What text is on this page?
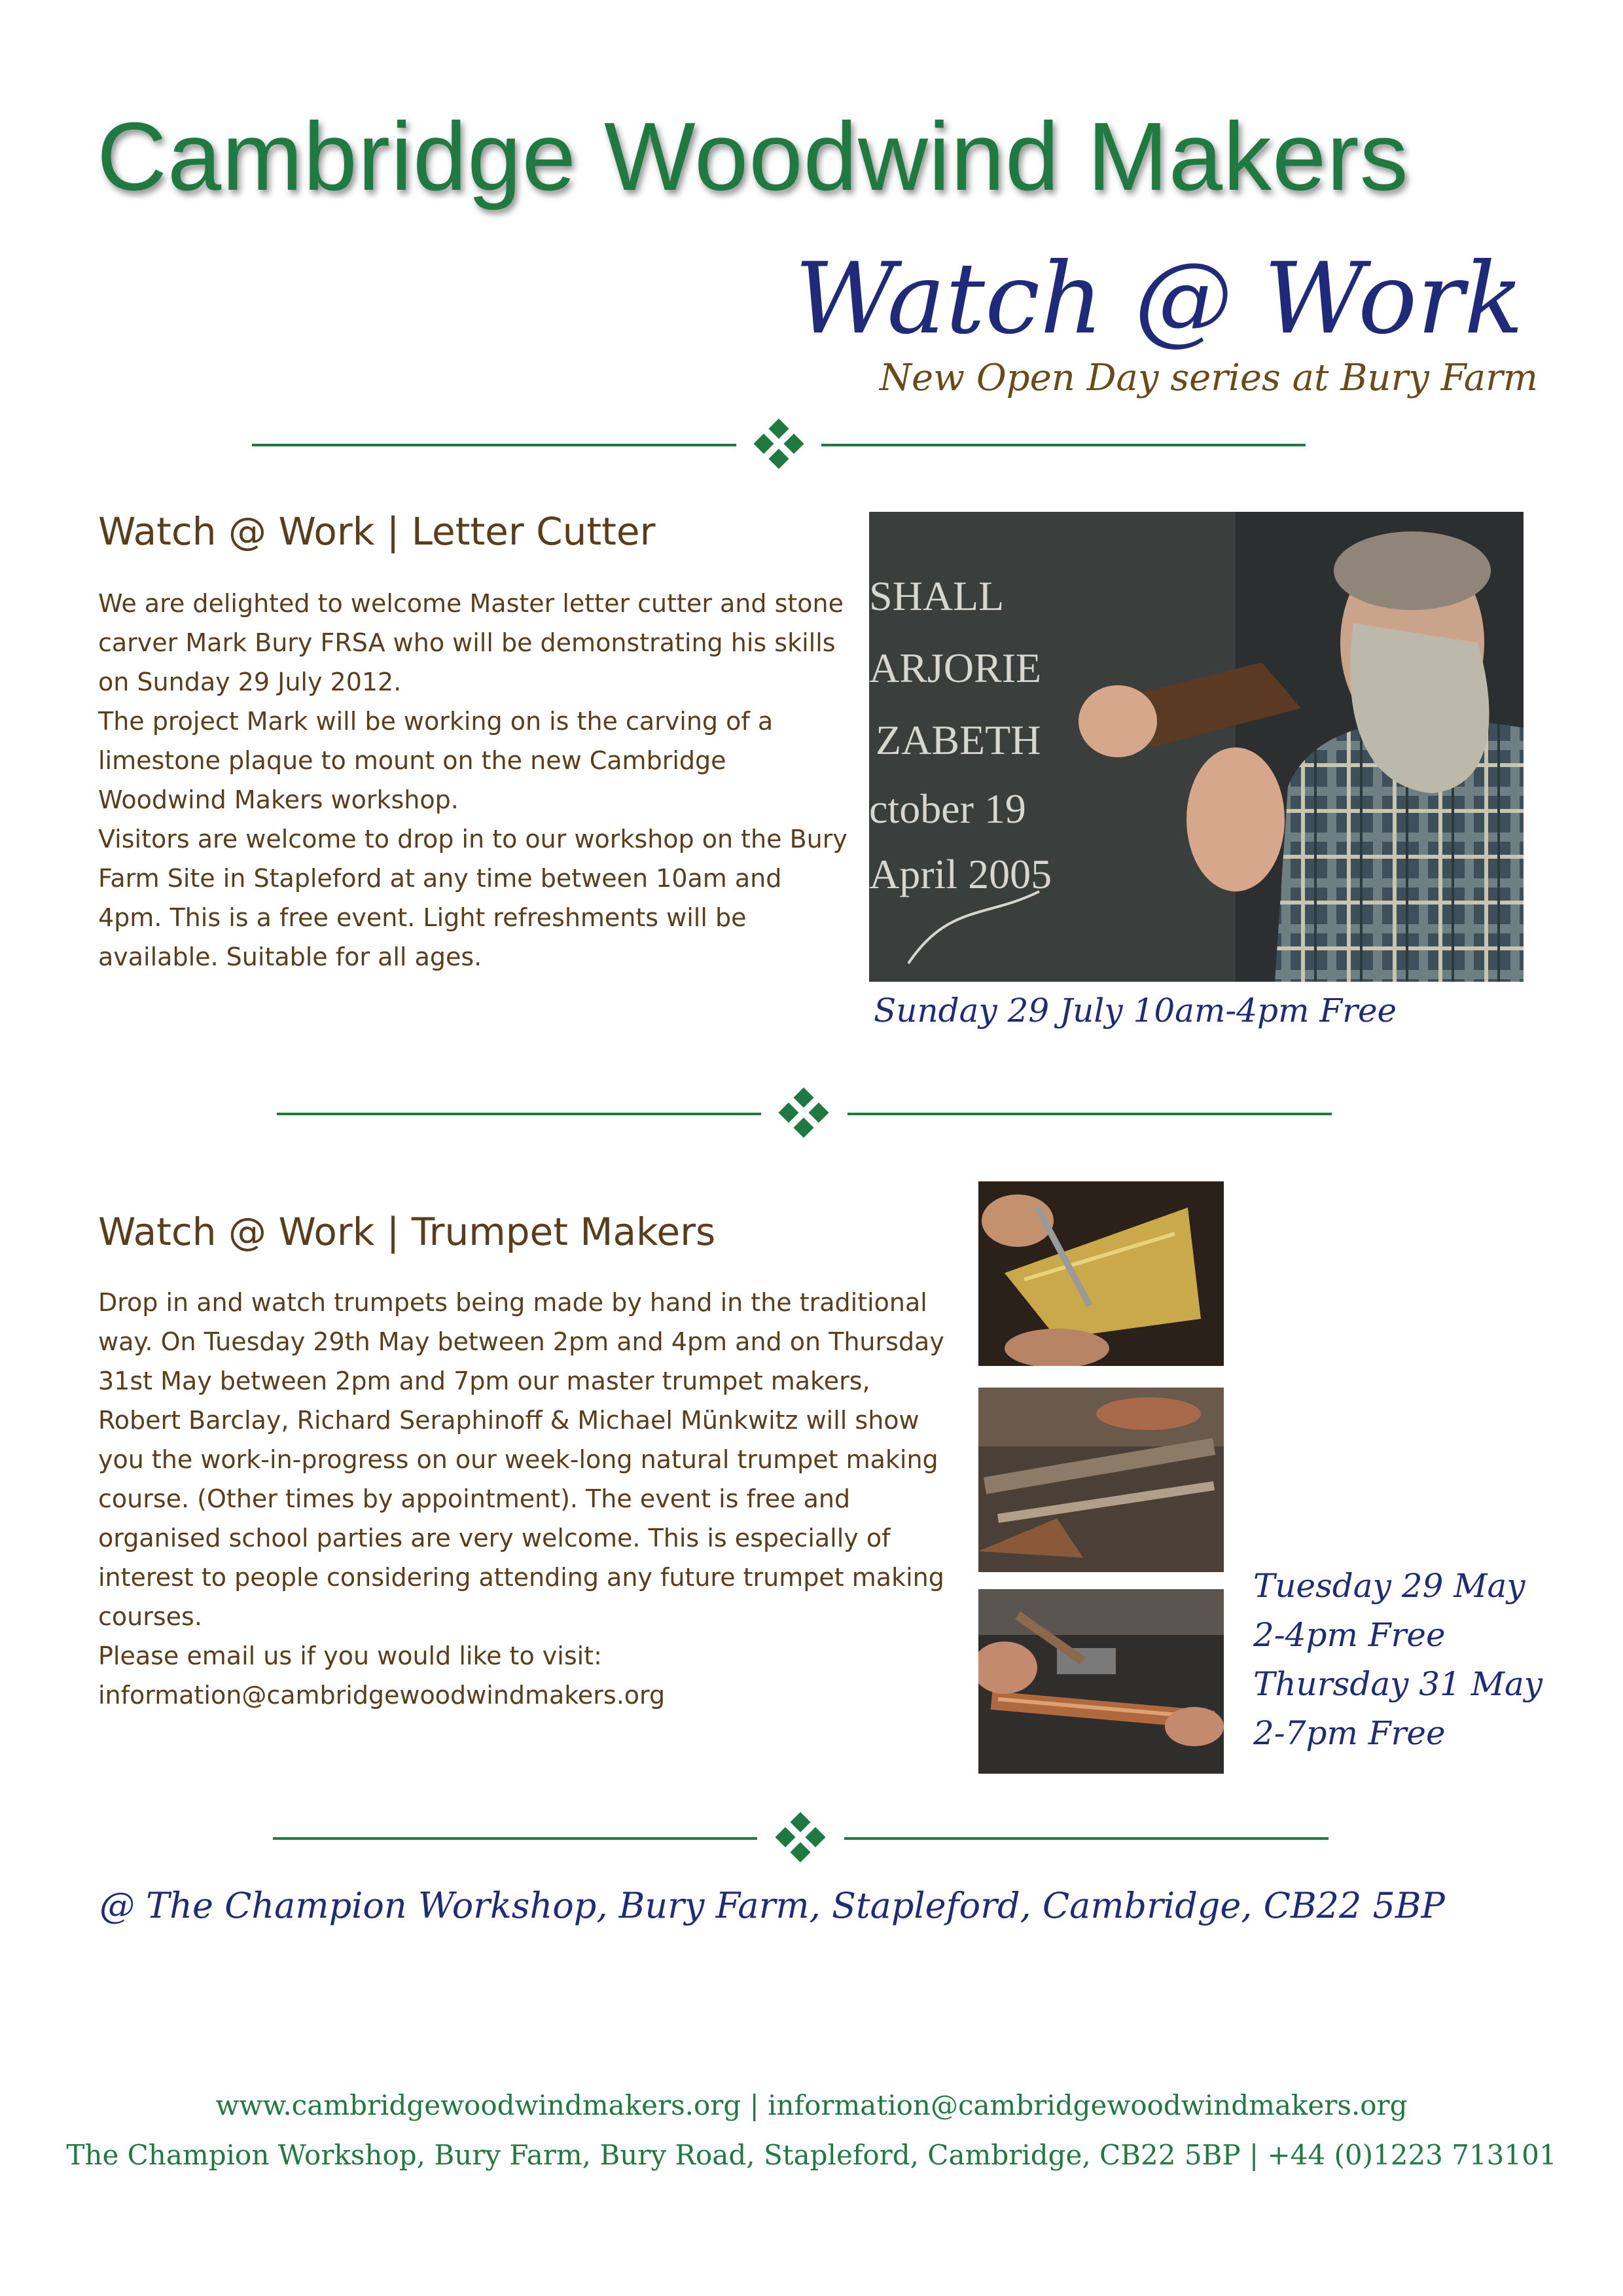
Cambridge Woodwind Makers
Watch @ Work
New Open Day series at Bury Farm
Watch @ Work | Letter Cutter

We are delighted to welcome Master letter cutter and stone carver Mark Bury FRSA who will be demonstrating his skills on Sunday 29 July 2012.

The project Mark will be working on is the carving of a limestone plaque to mount on the new Cambridge Woodwind Makers workshop.

Visitors are welcome to drop in to our workshop on the Bury Farm Site in Stapleford at any time between 10am and 4pm. This is a free event. Light refreshments will be available. Suitable for all ages.

SHALL
ARJORIE
ZABETH
ctober 19
April 2005
Sunday 29 July 10am-4pm Free
Watch @ Work | Trumpet Makers

Drop in and watch trumpets being made by hand in the traditional way. On Tuesday 29th May between 2pm and 4pm and on Thursday 31st May between 2pm and 7pm our master trumpet makers, Robert Barclay, Richard Seraphinoff & Michael Münkwitz will show you the work-in-progress on our week-long natural trumpet making course. (Other times by appointment). The event is free and organised school parties are very welcome. This is especially of interest to people considering attending any future trumpet making courses.

Please email us if you would like to visit:

information@cambridgewoodwindmakers.org

Tuesday 29 May
2-4pm Free
Thursday 31 May
2-7pm Free
@ The Champion Workshop, Bury Farm, Stapleford, Cambridge, CB22 5BP
www.cambridgewoodwindmakers.org | information@cambridgewoodwindmakers.org
The Champion Workshop, Bury Farm, Bury Road, Stapleford, Cambridge, CB22 5BP | +44 (0)1223 713101
